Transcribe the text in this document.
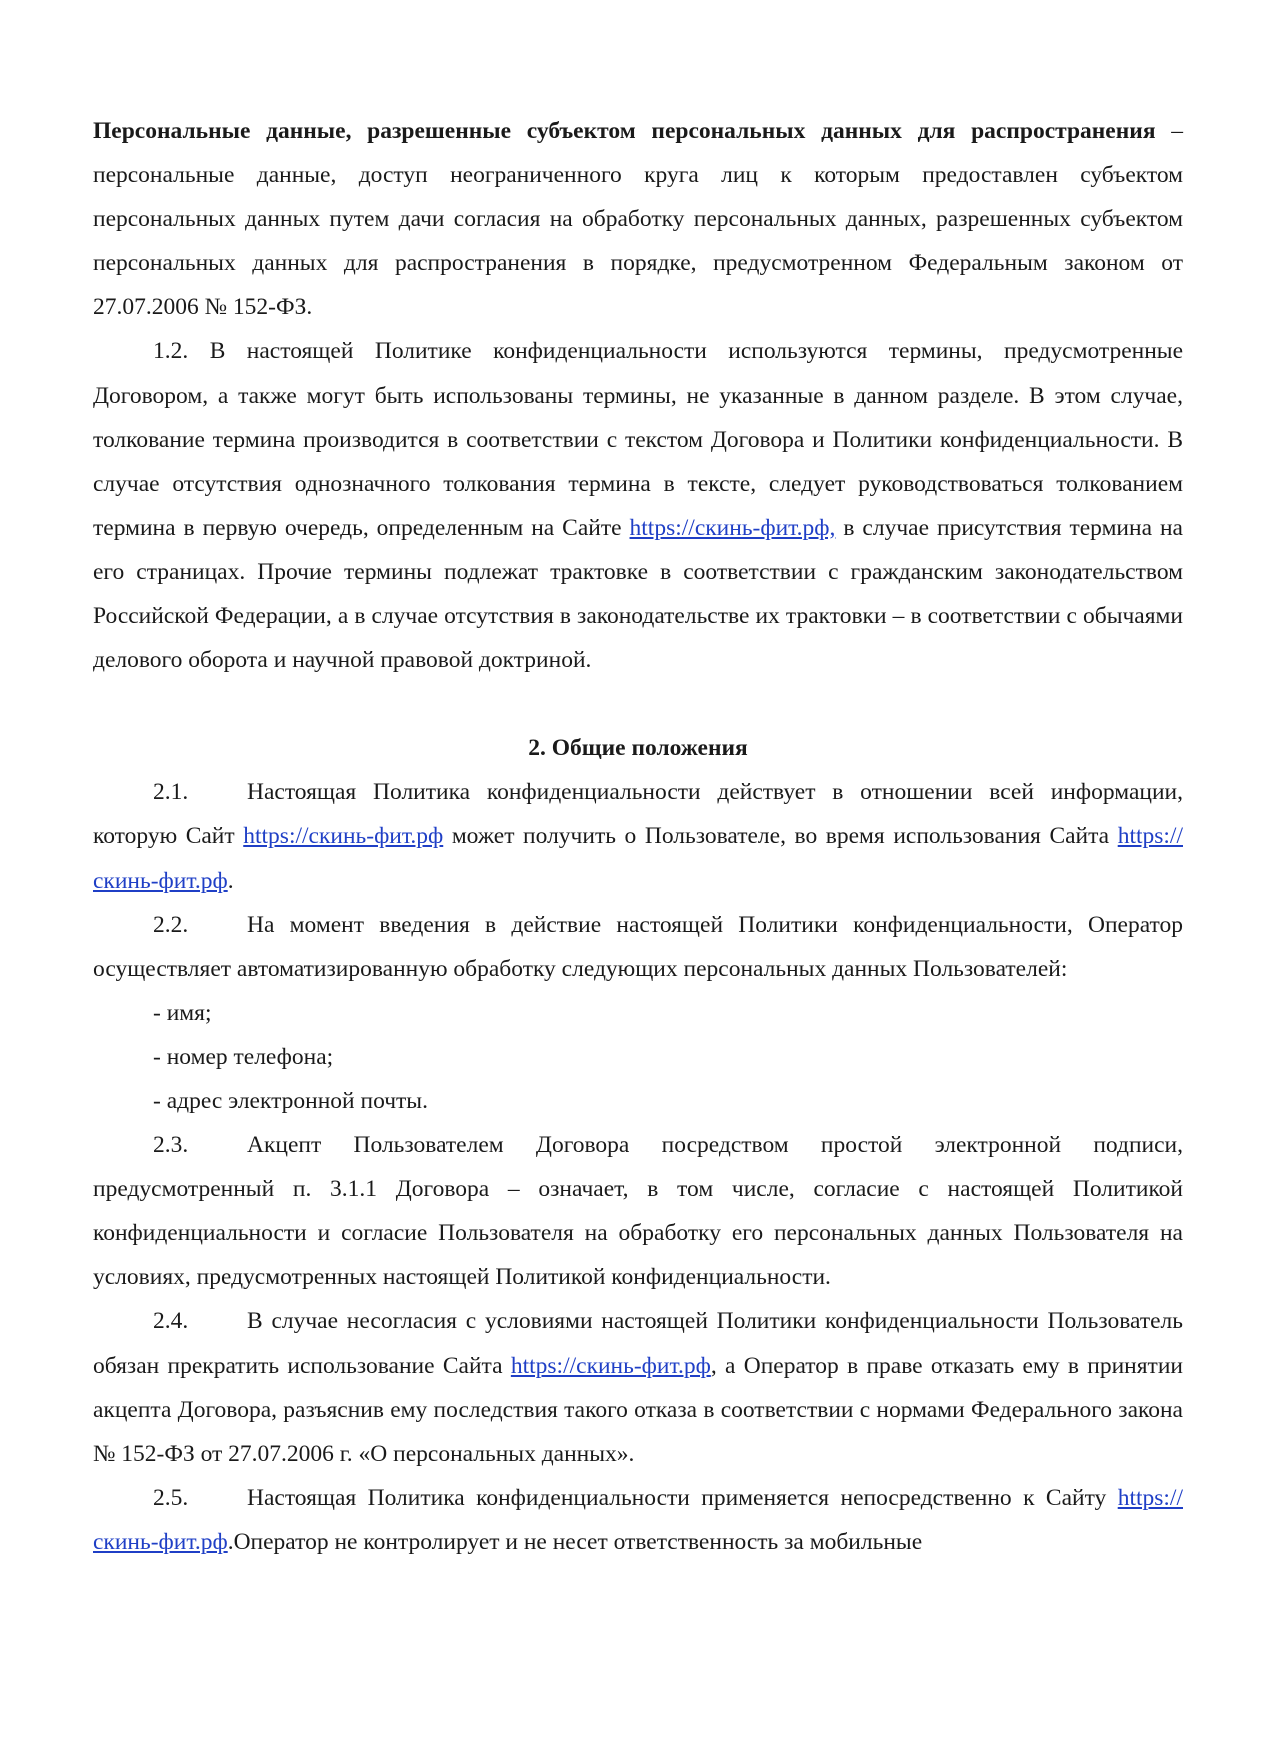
Персональные данные, разрешенные субъектом персональных данных для распространения – персональные данные, доступ неограниченного круга лиц к которым предоставлен субъектом персональных данных путем дачи согласия на обработку персональных данных, разрешенных субъектом персональных данных для распространения в порядке, предусмотренном Федеральным законом от 27.07.2006 № 152-ФЗ.

1.2. В настоящей Политике конфиденциальности используются термины, предусмотренные Договором, а также могут быть использованы термины, не указанные в данном разделе. В этом случае, толкование термина производится в соответствии с текстом Договора и Политики конфиденциальности. В случае отсутствия однозначного толкования термина в тексте, следует руководствоваться толкованием термина в первую очередь, определенным на Сайте https://скинь-фит.рф, в случае присутствия термина на его страницах. Прочие термины подлежат трактовке в соответствии с гражданским законодательством Российской Федерации, а в случае отсутствия в законодательстве их трактовки – в соответствии с обычаями делового оборота и научной правовой доктриной.

2. Общие положения

2.1.	Настоящая Политика конфиденциальности действует в отношении всей информации, которую Сайт https://скинь-фит.рф может получить о Пользователе, во время использования Сайта https://скинь-фит.рф.

2.2.	На момент введения в действие настоящей Политики конфиденциальности, Оператор осуществляет автоматизированную обработку следующих персональных данных Пользователей:

- имя;

- номер телефона;

- адрес электронной почты.

2.3.	Акцепт Пользователем Договора посредством простой электронной подписи, предусмотренный п. 3.1.1 Договора – означает, в том числе, согласие с настоящей Политикой конфиденциальности и согласие Пользователя на обработку его персональных данных Пользователя на условиях, предусмотренных настоящей Политикой конфиденциальности.

2.4.	В случае несогласия с условиями настоящей Политики конфиденциальности Пользователь обязан прекратить использование Сайта https://скинь-фит.рф, а Оператор в праве отказать ему в принятии акцепта Договора, разъяснив ему последствия такого отказа в соответствии с нормами Федерального закона № 152-ФЗ от 27.07.2006 г. «О персональных данных».

2.5.	Настоящая Политика конфиденциальности применяется непосредственно к Сайту https://скинь-фит.рф.Оператор не контролирует и не несет ответственность за мобильные
